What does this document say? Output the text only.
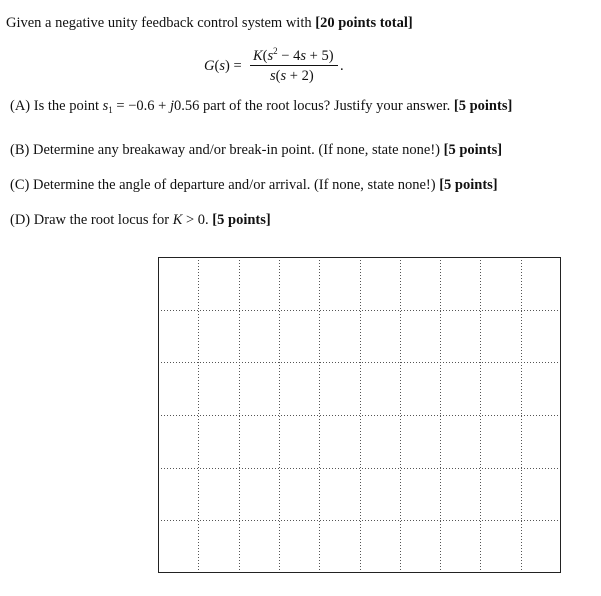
Given a negative unity feedback control system with [20 points total]
G(s) =
$K(s^2 - 4s + 5)$
s(s + 2)
.
(A) Is the point $s_1 = -0.6 + j0.56$ part of the root locus? Justify your answer. [5 points]
(B) Determine any breakaway and/or break-in point. (If none, state none!) [5 points]
(C) Determine the angle of departure and/or arrival. (If none, state none!) [5 points]
(D) Draw the root locus for K > 0. [5 points]
